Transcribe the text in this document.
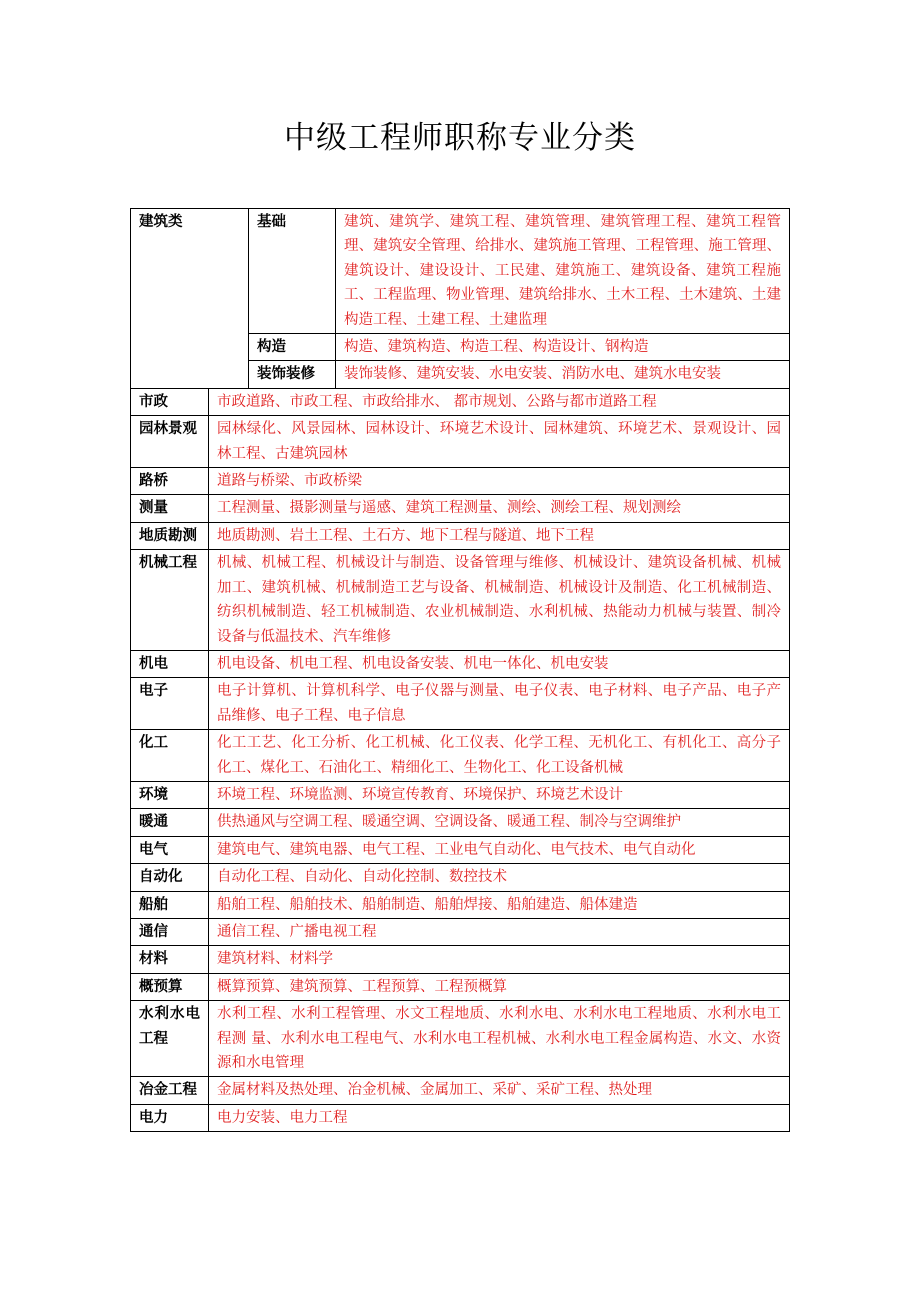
中级工程师职称专业分类
建筑类		基础	建筑、建筑学、建筑工程、建筑管理、建筑管理工程、建筑工程管理、建筑安全管理、给排水、建筑施工管理、工程管理、施工管理、建筑设计、建设设计、工民建、建筑施工、建筑设备、建筑工程施工、工程监理、物业管理、建筑给排水、土木工程、土木建筑、土建构造工程、土建工程、土建监理
构造	构造、建筑构造、构造工程、构造设计、钢构造
装饰装修	装饰装修、建筑安装、水电安装、消防水电、建筑水电安装

市政	市政道路、市政工程、市政给排水、 都市规划、公路与都市道路工程
园林景观	园林绿化、风景园林、园林设计、环境艺术设计、园林建筑、环境艺术、景观设计、园林工程、古建筑园林
路桥	道路与桥梁、市政桥梁
测量	工程测量、摄影测量与遥感、建筑工程测量、测绘、测绘工程、规划测绘
地质勘测	地质勘测、岩土工程、土石方、地下工程与隧道、地下工程
机械工程	机械、机械工程、机械设计与制造、设备管理与维修、机械设计、建筑设备机械、机械加工、建筑机械、机械制造工艺与设备、机械制造、机械设计及制造、化工机械制造、纺织机械制造、轻工机械制造、农业机械制造、水利机械、热能动力机械与装置、制冷设备与低温技术、汽车维修
机电	机电设备、机电工程、机电设备安装、机电一体化、机电安装
电子	电子计算机、计算机科学、电子仪器与测量、电子仪表、电子材料、电子产品、电子产品维修、电子工程、电子信息
化工	化工工艺、化工分析、化工机械、化工仪表、化学工程、无机化工、有机化工、高分子化工、煤化工、石油化工、精细化工、生物化工、化工设备机械
环境	环境工程、环境监测、环境宣传教育、环境保护、环境艺术设计
暖通	供热通风与空调工程、暖通空调、空调设备、暖通工程、制冷与空调维护
电气	建筑电气、建筑电器、电气工程、工业电气自动化、电气技术、电气自动化
自动化	自动化工程、自动化、自动化控制、数控技术
船舶	船舶工程、船舶技术、船舶制造、船舶焊接、船舶建造、船体建造
通信	通信工程、广播电视工程
材料	建筑材料、材料学
概预算	概算预算、建筑预算、工程预算、工程预概算
水利水电工程	水利工程、水利工程管理、水文工程地质、水利水电、水利水电工程地质、水利水电工程测 量、水利水电工程电气、水利水电工程机械、水利水电工程金属构造、水文、水资源和水电管理
冶金工程	金属材料及热处理、冶金机械、金属加工、采矿、采矿工程、热处理
电力	电力安装、电力工程
